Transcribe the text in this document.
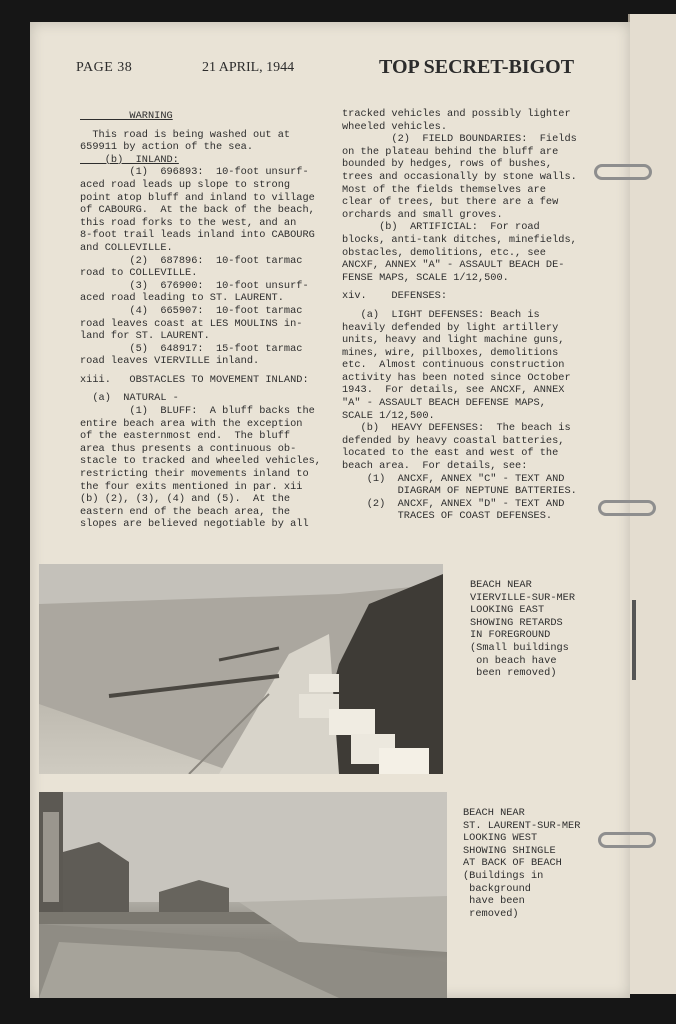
PAGE 38	21 APRIL, 1944	TOP SECRET-BIGOT
WARNING
This road is being washed out at
659911 by action of the sea.
(b)  INLAND:
(1)  696893:  10-foot unsurf-
aced road leads up slope to strong
point atop bluff and inland to village
of CABOURG.  At the back of the beach,
this road forks to the west, and an
8-foot trail leads inland into CABOURG
and COLLEVILLE.
(2)  687896:  10-foot tarmac
road to COLLEVILLE.
(3)  676900:  10-foot unsurf-
aced road leading to ST. LAURENT.
(4)  665907:  10-foot tarmac
road leaves coast at LES MOULINS in-
land for ST. LAURENT.
(5)  648917:  15-foot tarmac
road leaves VIERVILLE inland.
xiii.   OBSTACLES TO MOVEMENT INLAND:
(a)  NATURAL -
(1)  BLUFF:  A bluff backs the
entire beach area with the exception
of the easternmost end.  The bluff
area thus presents a continuous ob-
stacle to tracked and wheeled vehicles,
restricting their movements inland to
the four exits mentioned in par. xii
(b) (2), (3), (4) and (5).  At the
eastern end of the beach area, the
slopes are believed negotiable by all
tracked vehicles and possibly lighter
wheeled vehicles.
(2)  FIELD BOUNDARIES:  Fields
on the plateau behind the bluff are
bounded by hedges, rows of bushes,
trees and occasionally by stone walls.
Most of the fields themselves are
clear of trees, but there are a few
orchards and small groves.
(b)  ARTIFICIAL:  For road
blocks, anti-tank ditches, minefields,
obstacles, demolitions, etc., see
ANCXF, ANNEX "A" - ASSAULT BEACH DE-
FENSE MAPS, SCALE 1/12,500.
xiv.    DEFENSES:
(a)  LIGHT DEFENSES: Beach is
heavily defended by light artillery
units, heavy and light machine guns,
mines, wire, pillboxes, demolitions
etc.  Almost continuous construction
activity has been noted since October
1943.  For details, see ANCXF, ANNEX
"A" - ASSAULT BEACH DEFENSE MAPS,
SCALE 1/12,500.
(b)  HEAVY DEFENSES:  The beach is
defended by heavy coastal batteries,
located to the east and west of the
beach area.  For details, see:
(1)  ANCXF, ANNEX "C" - TEXT AND
DIAGRAM OF NEPTUNE BATTERIES.
(2)  ANCXF, ANNEX "D" - TEXT AND
TRACES OF COAST DEFENSES.
BEACH NEAR
VIERVILLE-SUR-MER
LOOKING EAST
SHOWING RETARDS
IN FOREGROUND
(Small buildings
on beach have
been removed)
BEACH NEAR
ST. LAURENT-SUR-MER
LOOKING WEST
SHOWING SHINGLE
AT BACK OF BEACH
(Buildings in
background
have been
removed)
